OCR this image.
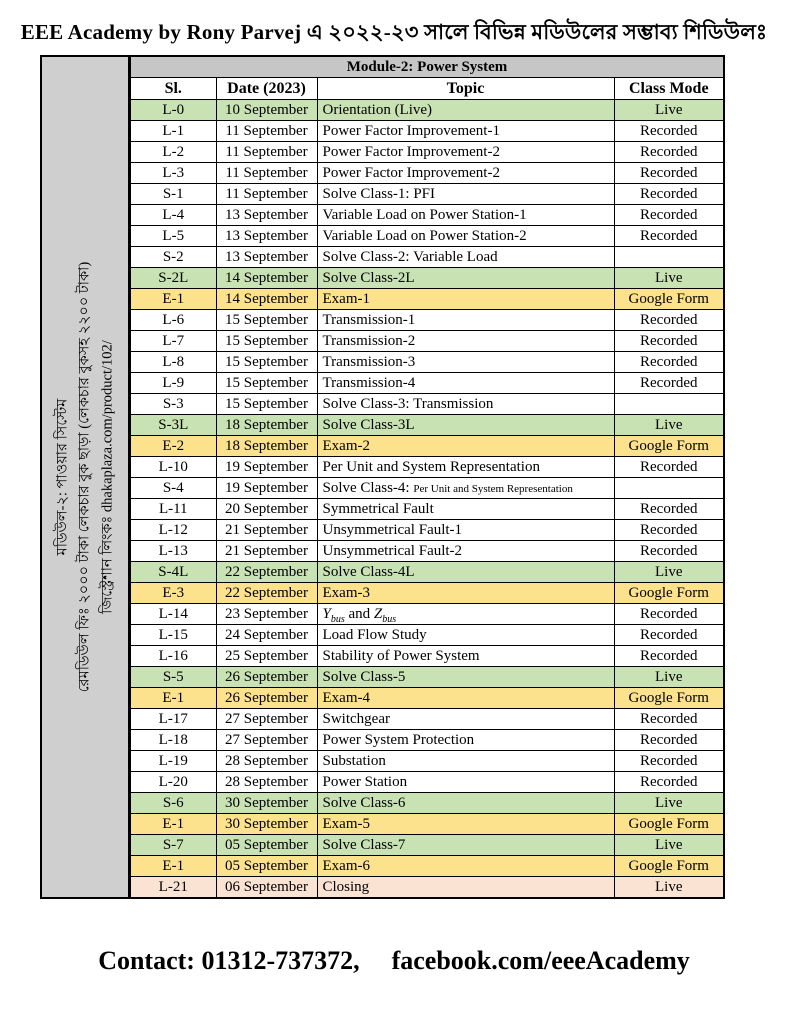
EEE Academy by Rony Parvej এ ২০২২-২৩ সালে বিভিন্ন মডিউলের সম্ভাব্য শিডিউলঃ
মডিউল-২: পাওয়ার সিস্টেম রেমডিউল ফিঃ ২০০০ টাকা লেকচার বুক ছাড়া (লেকচার বুকসহ ২২০০ টাকা) জিস্ট্রেশান লিংকঃ dhakaplaza.com/product/102/
Module-2: Power System			
Sl.	Date (2023)	Topic	Class Mode
L-0	10 September	Orientation (Live)	Live
L-1	11 September	Power Factor Improvement-1	Recorded
L-2	11 September	Power Factor Improvement-2	Recorded
L-3	11 September	Power Factor Improvement-2	Recorded
S-1	11 September	Solve Class-1: PFI	Recorded
L-4	13 September	Variable Load on Power Station-1	Recorded
L-5	13 September	Variable Load on Power Station-2	Recorded
S-2	13 September	Solve Class-2: Variable Load	
S-2L	14 September	Solve Class-2L	Live
E-1	14 September	Exam-1	Google Form
L-6	15 September	Transmission-1	Recorded
L-7	15 September	Transmission-2	Recorded
L-8	15 September	Transmission-3	Recorded
L-9	15 September	Transmission-4	Recorded
S-3	15 September	Solve Class-3: Transmission	
S-3L	18 September	Solve Class-3L	Live
E-2	18 September	Exam-2	Google Form
L-10	19 September	Per Unit and System Representation	Recorded
S-4	19 September	Solve Class-4: Per Unit and System Representation	
L-11	20 September	Symmetrical Fault	Recorded
L-12	21 September	Unsymmetrical Fault-1	Recorded
L-13	21 September	Unsymmetrical Fault-2	Recorded
S-4L	22 September	Solve Class-4L	Live
E-3	22 September	Exam-3	Google Form
L-14	23 September	$Y_{bus}$ and $Z_{bus}$	Recorded
L-15	24 September	Load Flow Study	Recorded
L-16	25 September	Stability of Power System	Recorded
S-5	26 September	Solve Class-5	Live
E-1	26 September	Exam-4	Google Form
L-17	27 September	Switchgear	Recorded
L-18	27 September	Power System Protection	Recorded
L-19	28 September	Substation	Recorded
L-20	28 September	Power Station	Recorded
S-6	30 September	Solve Class-6	Live
E-1	30 September	Exam-5	Google Form
S-7	05 September	Solve Class-7	Live
E-1	05 September	Exam-6	Google Form
L-21	06 September	Closing	Live
Contact: 01312-737372, facebook.com/eeeAcademy
